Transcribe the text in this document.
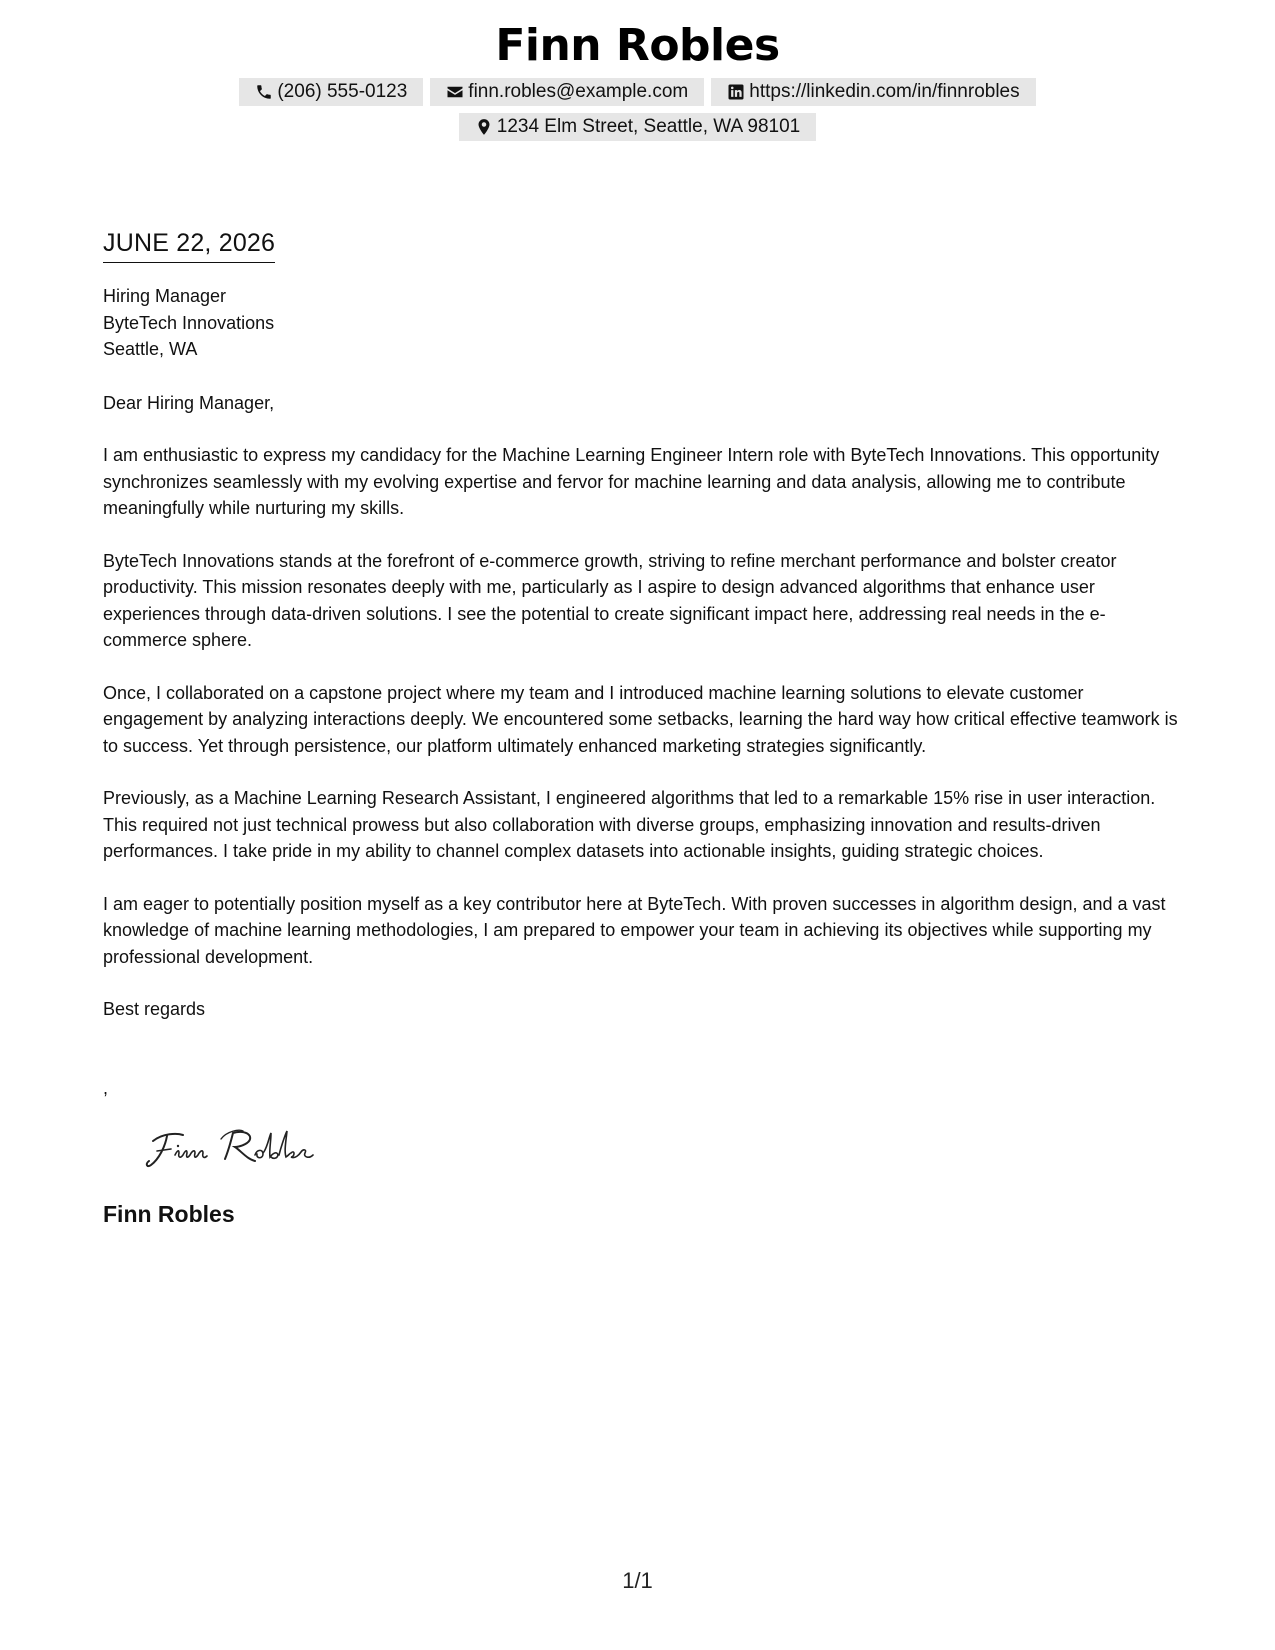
Finn Robles
(206) 555-0123	finn.robles@example.com	https://linkedin.com/in/finnrobles
1234 Elm Street, Seattle, WA 98101
JUNE 22, 2026
Hiring Manager
ByteTech Innovations
Seattle, WA
Dear Hiring Manager,

I am enthusiastic to express my candidacy for the Machine Learning Engineer Intern role with ByteTech Innovations. This opportunity synchronizes seamlessly with my evolving expertise and fervor for machine learning and data analysis, allowing me to contribute meaningfully while nurturing my skills.

ByteTech Innovations stands at the forefront of e-commerce growth, striving to refine merchant performance and bolster creator productivity. This mission resonates deeply with me, particularly as I aspire to design advanced algorithms that enhance user experiences through data-driven solutions. I see the potential to create significant impact here, addressing real needs in the e-commerce sphere.

Once, I collaborated on a capstone project where my team and I introduced machine learning solutions to elevate customer engagement by analyzing interactions deeply. We encountered some setbacks, learning the hard way how critical effective teamwork is to success. Yet through persistence, our platform ultimately enhanced marketing strategies significantly.

Previously, as a Machine Learning Research Assistant, I engineered algorithms that led to a remarkable 15% rise in user interaction. This required not just technical prowess but also collaboration with diverse groups, emphasizing innovation and results-driven performances. I take pride in my ability to channel complex datasets into actionable insights, guiding strategic choices.

I am eager to potentially position myself as a key contributor here at ByteTech. With proven successes in algorithm design, and a vast knowledge of machine learning methodologies, I am prepared to empower your team in achieving its objectives while supporting my professional development.

Best regards
,
Finn Robles
1/1
